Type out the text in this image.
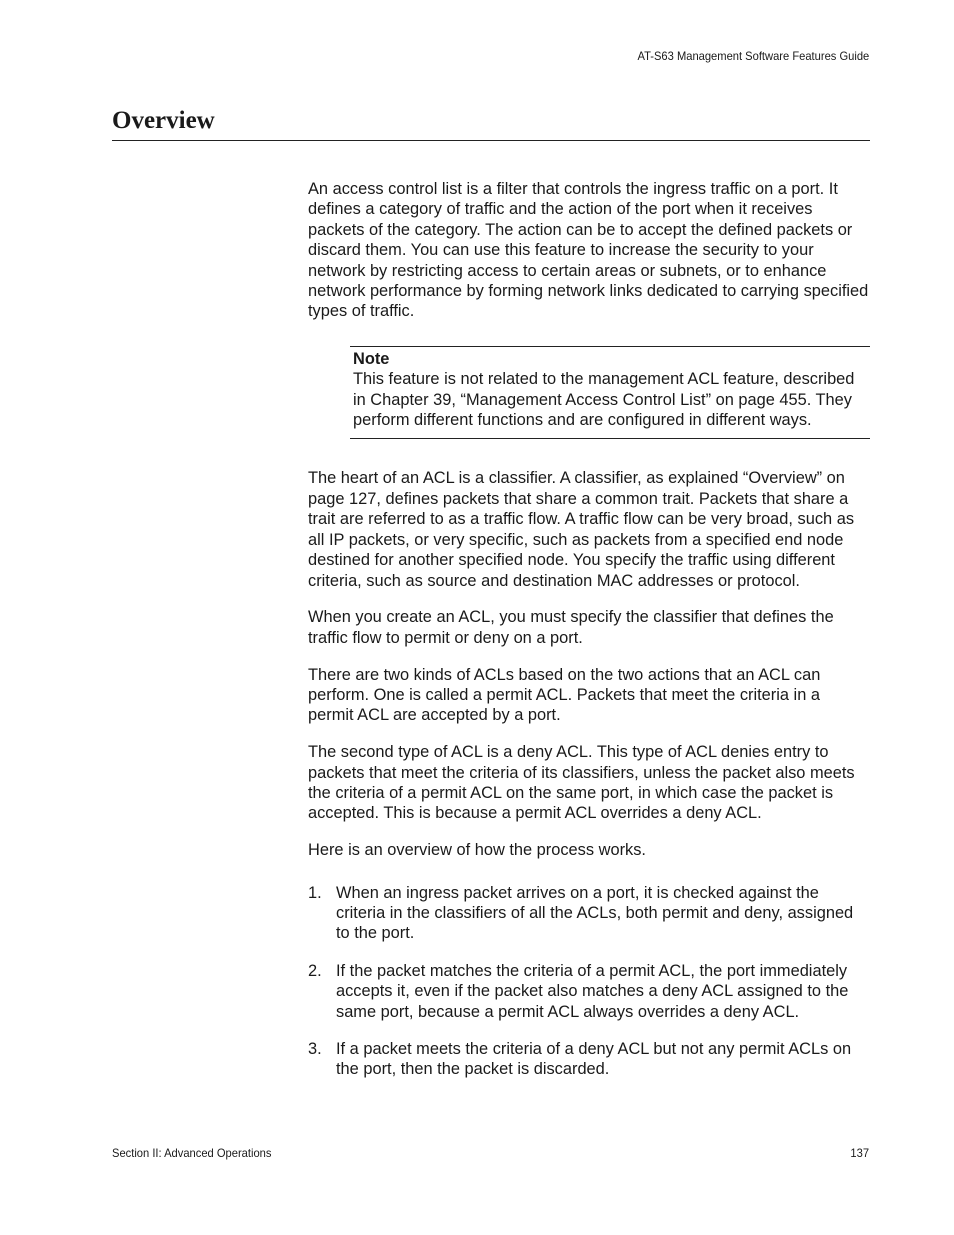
AT-S63 Management Software Features Guide
Overview

An access control list is a filter that controls the ingress traffic on a port. It defines a category of traffic and the action of the port when it receives packets of the category. The action can be to accept the defined packets or discard them. You can use this feature to increase the security to your network by restricting access to certain areas or subnets, or to enhance network performance by forming network links dedicated to carrying specified types of traffic.

Note
This feature is not related to the management ACL feature, described in Chapter 39, “Management Access Control List” on page 455. They perform different functions and are configured in different ways.

The heart of an ACL is a classifier. A classifier, as explained “Overview” on page 127, defines packets that share a common trait. Packets that share a trait are referred to as a traffic flow. A traffic flow can be very broad, such as all IP packets, or very specific, such as packets from a specified end node destined for another specified node. You specify the traffic using different criteria, such as source and destination MAC addresses or protocol.

When you create an ACL, you must specify the classifier that defines the traffic flow to permit or deny on a port.

There are two kinds of ACLs based on the two actions that an ACL can perform. One is called a permit ACL. Packets that meet the criteria in a permit ACL are accepted by a port.

The second type of ACL is a deny ACL. This type of ACL denies entry to packets that meet the criteria of its classifiers, unless the packet also meets the criteria of a permit ACL on the same port, in which case the packet is accepted. This is because a permit ACL overrides a deny ACL.

Here is an overview of how the process works.

1. When an ingress packet arrives on a port, it is checked against the criteria in the classifiers of all the ACLs, both permit and deny, assigned to the port.
2. If the packet matches the criteria of a permit ACL, the port immediately accepts it, even if the packet also matches a deny ACL assigned to the same port, because a permit ACL always overrides a deny ACL.
3. If a packet meets the criteria of a deny ACL but not any permit ACLs on the port, then the packet is discarded.
Section II: Advanced Operations	137
